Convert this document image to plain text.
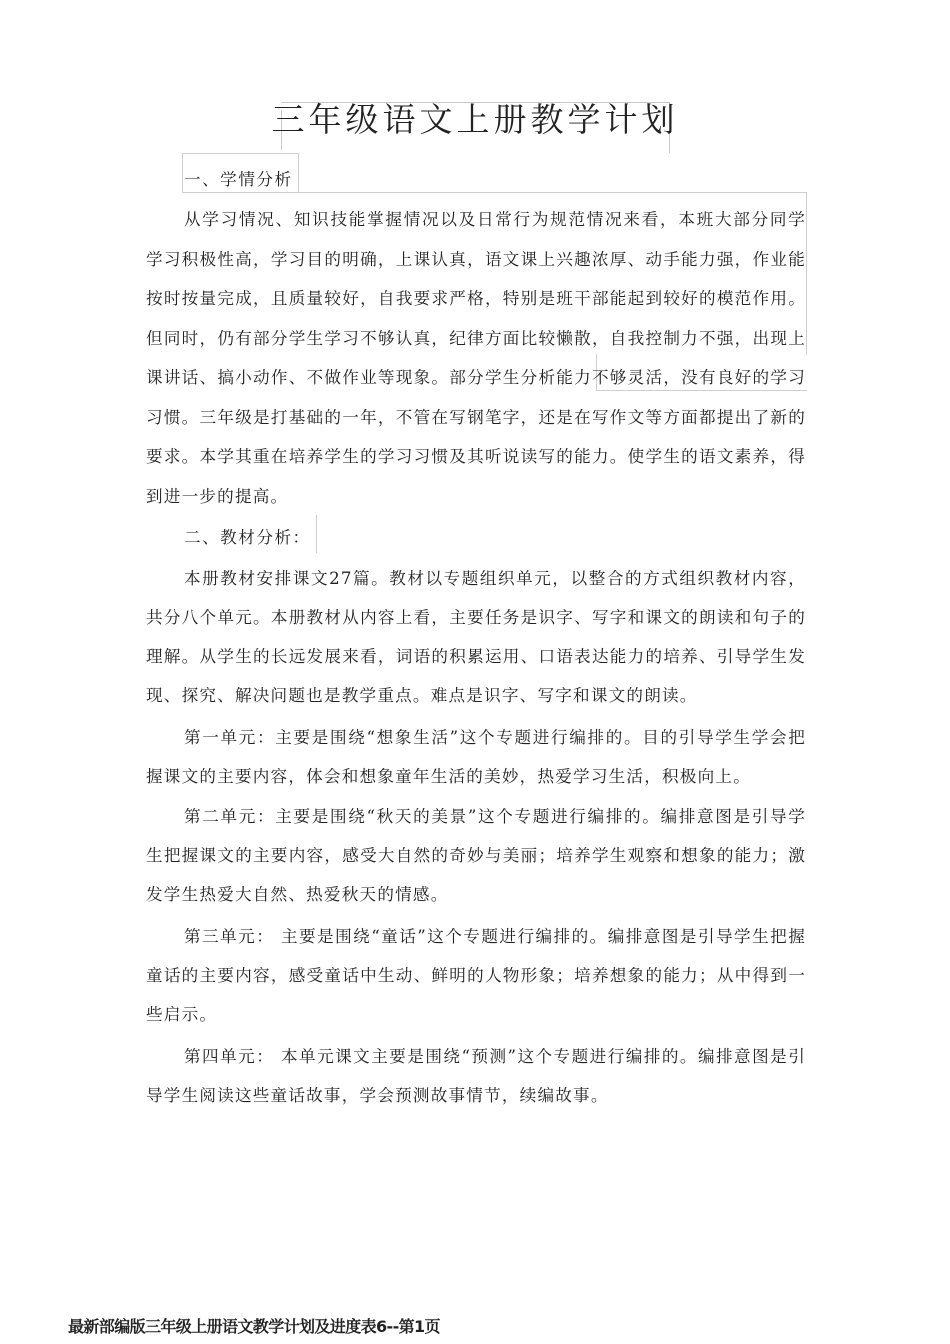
三年级语文上册教学计划

一、学情分析

从学习情况、知识技能掌握情况以及日常行为规范情况来看，本班大部分同学学习积极性高，学习目的明确，上课认真，语文课上兴趣浓厚、动手能力强，作业能按时按量完成，且质量较好，自我要求严格，特别是班干部能起到较好的模范作用。但同时，仍有部分学生学习不够认真，纪律方面比较懒散，自我控制力不强，出现上课讲话、搞小动作、不做作业等现象。部分学生分析能力不够灵活，没有良好的学习习惯。三年级是打基础的一年，不管在写钢笔字，还是在写作文等方面都提出了新的要求。本学其重在培养学生的学习习惯及其听说读写的能力。使学生的语文素养，得到进一步的提高。

二、教材分析：

本册教材安排课文27篇。教材以专题组织单元，以整合的方式组织教材内容，共分八个单元。本册教材从内容上看，主要任务是识字、写字和课文的朗读和句子的理解。从学生的长远发展来看，词语的积累运用、口语表达能力的培养、引导学生发现、探究、解决问题也是教学重点。难点是识字、写字和课文的朗读。

第一单元：主要是围绕“想象生活”这个专题进行编排的。目的引导学生学会把握课文的主要内容，体会和想象童年生活的美妙，热爱学习生活，积极向上。

第二单元：主要是围绕“秋天的美景”这个专题进行编排的。编排意图是引导学生把握课文的主要内容，感受大自然的奇妙与美丽；培养学生观察和想象的能力；激发学生热爱大自然、热爱秋天的情感。

第三单元： 主要是围绕“童话”这个专题进行编排的。编排意图是引导学生把握童话的主要内容，感受童话中生动、鲜明的人物形象；培养想象的能力；从中得到一些启示。

第四单元： 本单元课文主要是围绕“预测”这个专题进行编排的。编排意图是引导学生阅读这些童话故事，学会预测故事情节，续编故事。

最新部编版三年级上册语文教学计划及进度表6--第1页
